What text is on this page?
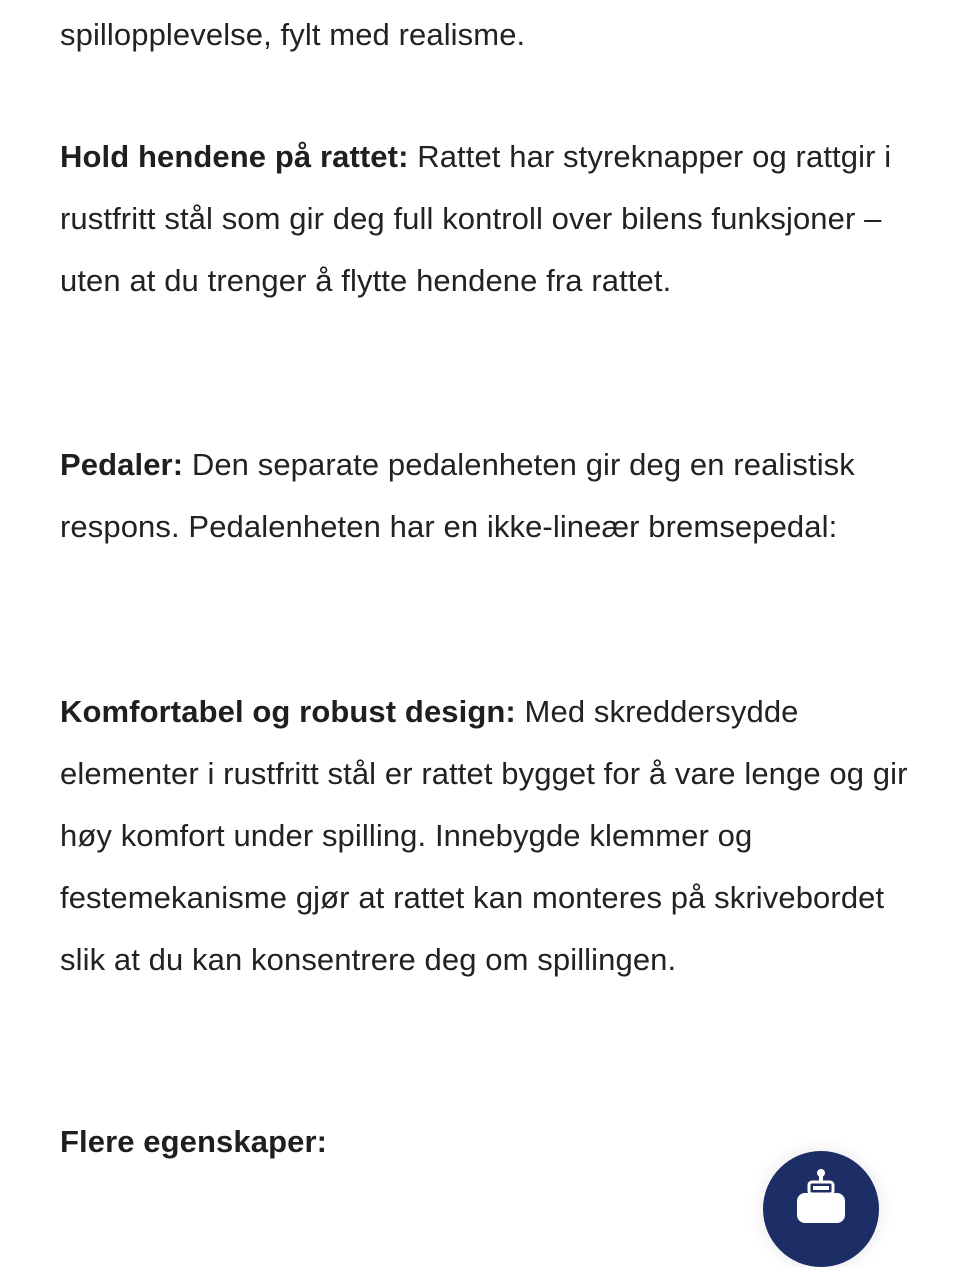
spillopplevelse, fylt med realisme.

Hold hendene på rattet: Rattet har styreknapper og rattgir i rustfritt stål som gir deg full kontroll over bilens funksjoner – uten at du trenger å flytte hendene fra rattet.

Pedaler: Den separate pedalenheten gir deg en realistisk respons. Pedalenheten har en ikke-lineær bremsepedal:

Komfortabel og robust design: Med skreddersydde elementer i rustfritt stål er rattet bygget for å vare lenge og gir høy komfort under spilling. Innebygde klemmer og festemekanisme gjør at rattet kan monteres på skrivebordet slik at du kan konsentrere deg om spillingen.

Flere egenskaper:
